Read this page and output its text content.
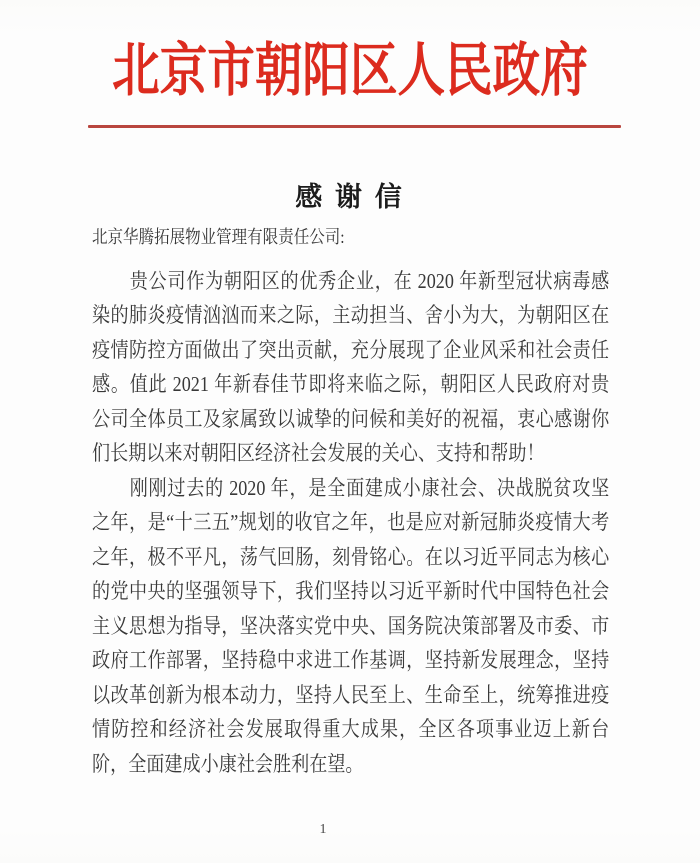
北京市朝阳区人民政府
感 谢 信
北京华腾拓展物业管理有限责任公司:
　　贵公司作为朝阳区的优秀企业，在 2020 年新型冠状病毒感
染的肺炎疫情汹汹而来之际，主动担当、舍小为大，为朝阳区在
疫情防控方面做出了突出贡献，充分展现了企业风采和社会责任
感。值此 2021 年新春佳节即将来临之际，朝阳区人民政府对贵
公司全体员工及家属致以诚挚的问候和美好的祝福，衷心感谢你
们长期以来对朝阳区经济社会发展的关心、支持和帮助！
　　刚刚过去的 2020 年，是全面建成小康社会、决战脱贫攻坚
之年，是“十三五”规划的收官之年，也是应对新冠肺炎疫情大考
之年，极不平凡，荡气回肠，刻骨铭心。在以习近平同志为核心
的党中央的坚强领导下，我们坚持以习近平新时代中国特色社会
主义思想为指导，坚决落实党中央、国务院决策部署及市委、市
政府工作部署，坚持稳中求进工作基调，坚持新发展理念，坚持
以改革创新为根本动力，坚持人民至上、生命至上，统筹推进疫
情防控和经济社会发展取得重大成果，全区各项事业迈上新台
阶，全面建成小康社会胜利在望。
1
